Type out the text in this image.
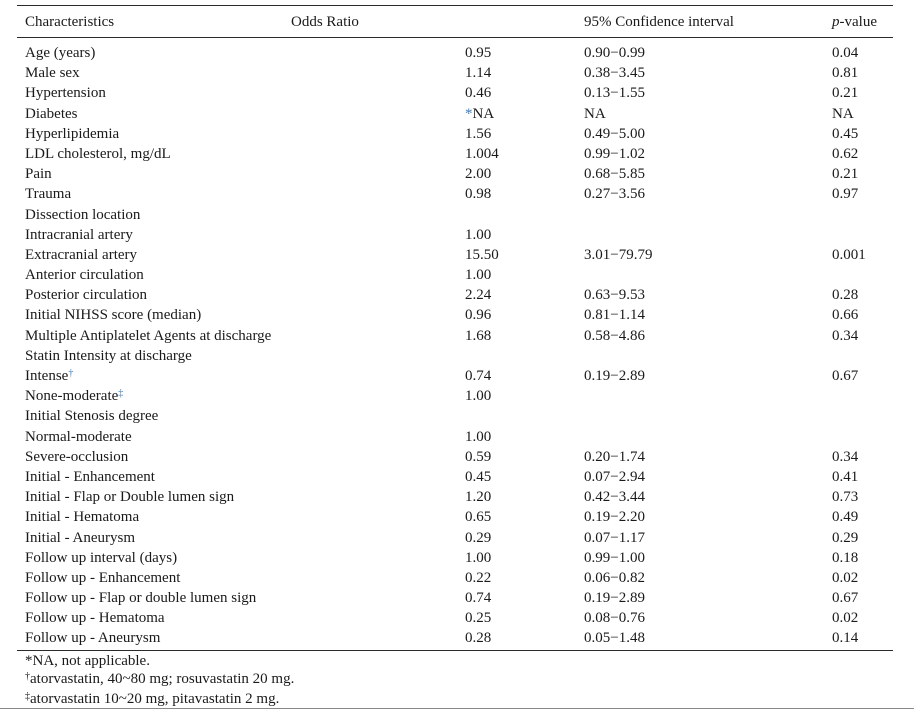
Characteristics	Odds Ratio	95% Confidence interval	p-value
Age (years)	0.95	0.90−0.99	0.04
Male sex	1.14	0.38−3.45	0.81
Hypertension	0.46	0.13−1.55	0.21
Diabetes	*NA	NA	NA
Hyperlipidemia	1.56	0.49−5.00	0.45
LDL cholesterol, mg/dL	1.004	0.99−1.02	0.62
Pain	2.00	0.68−5.85	0.21
Trauma	0.98	0.27−3.56	0.97
Dissection location
Intracranial artery	1.00
Extracranial artery	15.50	3.01−79.79	0.001
Anterior circulation	1.00
Posterior circulation	2.24	0.63−9.53	0.28
Initial NIHSS score (median)	0.96	0.81−1.14	0.66
Multiple Antiplatelet Agents at discharge	1.68	0.58−4.86	0.34
Statin Intensity at discharge
Intense†	0.74	0.19−2.89	0.67
None-moderate‡	1.00
Initial Stenosis degree
Normal-moderate	1.00
Severe-occlusion	0.59	0.20−1.74	0.34
Initial - Enhancement	0.45	0.07−2.94	0.41
Initial - Flap or Double lumen sign	1.20	0.42−3.44	0.73
Initial - Hematoma	0.65	0.19−2.20	0.49
Initial - Aneurysm	0.29	0.07−1.17	0.29
Follow up interval (days)	1.00	0.99−1.00	0.18
Follow up - Enhancement	0.22	0.06−0.82	0.02
Follow up - Flap or double lumen sign	0.74	0.19−2.89	0.67
Follow up - Hematoma	0.25	0.08−0.76	0.02
Follow up - Aneurysm	0.28	0.05−1.48	0.14
*NA, not applicable.
†atorvastatin, 40~80 mg; rosuvastatin 20 mg.
‡atorvastatin 10~20 mg, pitavastatin 2 mg.
